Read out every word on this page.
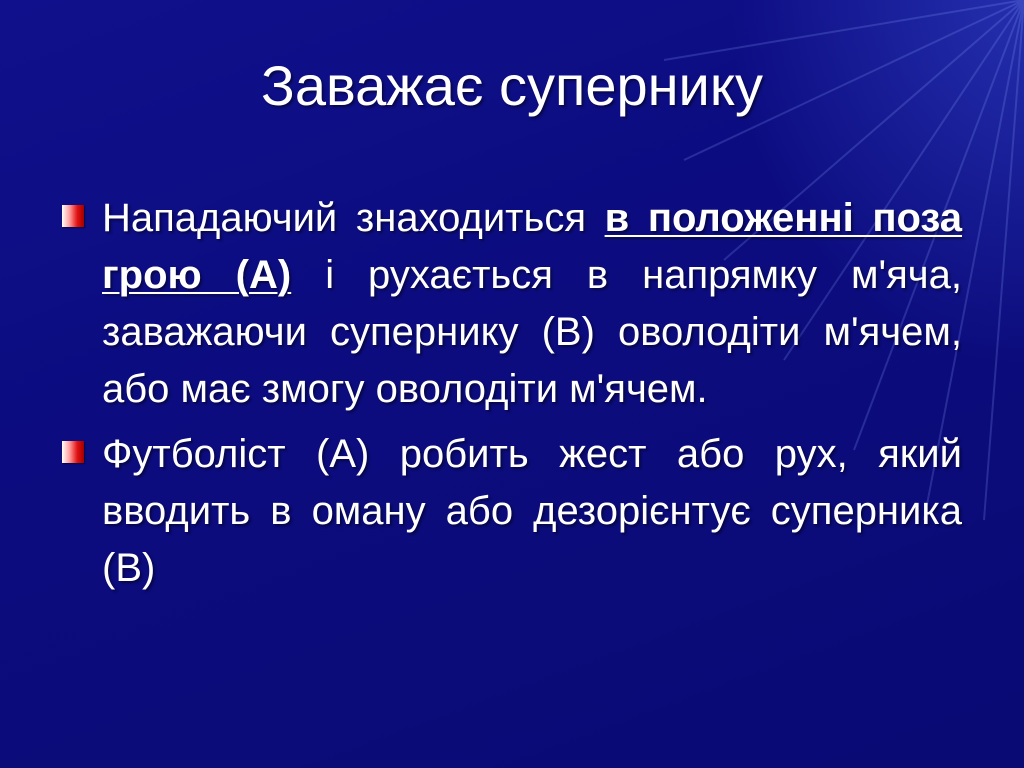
Заважає супернику
Нападаючий знаходиться в положенні поза грою (А) і рухається в напрямку м'яча, заважаючи супернику (В) оволодіти м'ячем, або має змогу оволодіти м'ячем.
Футболіст (А) робить жест або рух, який вводить в оману або дезорієнтує суперника (В)
